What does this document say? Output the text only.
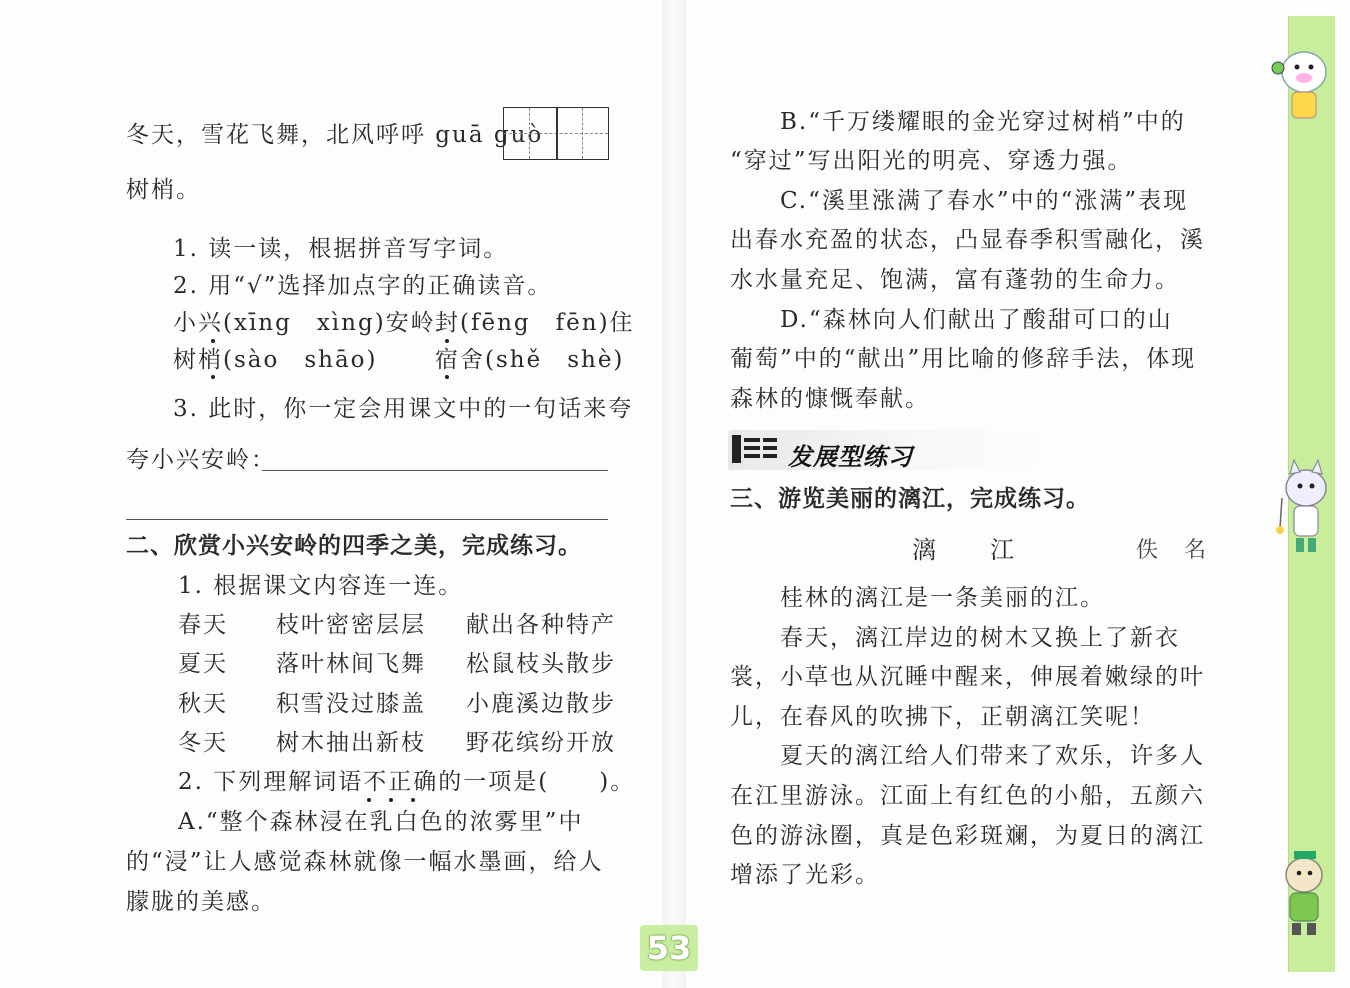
冬天，雪花飞舞，北风呼呼 guā guò
树梢。
1. 读一读，根据拼音写字词。
2. 用“√”选择加点字的正确读音。
小兴(xīng　xìng)安岭 封(fēng　fēn)住
树梢(sào　shāo)	宿舍(shě　shè)
3. 此时，你一定会用课文中的一句话来夸
夸小兴安岭：
二、欣赏小兴安岭的四季之美，完成练习。
1. 根据课文内容连一连。
春天 枝叶密密层层 献出各种特产
夏天 落叶林间飞舞 松鼠枝头散步
秋天 积雪没过膝盖 小鹿溪边散步
冬天 树木抽出新枝 野花缤纷开放
2. 下列理解词语不正确的一项是(　　)。
A.“整个森林浸在乳白色的浓雾里”中
的“浸”让人感觉森林就像一幅水墨画，给人
朦胧的美感。
B.“千万缕耀眼的金光穿过树梢”中的
“穿过”写出阳光的明亮、穿透力强。
C.“溪里涨满了春水”中的“涨满”表现
出春水充盈的状态，凸显春季积雪融化，溪
水水量充足、饱满，富有蓬勃的生命力。
D.“森林向人们献出了酸甜可口的山
葡萄”中的“献出”用比喻的修辞手法，体现
森林的慷慨奉献。
发展型练习
三、游览美丽的漓江，完成练习。
漓　　江	佚　名
桂林的漓江是一条美丽的江。
春天，漓江岸边的树木又换上了新衣
裳，小草也从沉睡中醒来，伸展着嫩绿的叶
儿，在春风的吹拂下，正朝漓江笑呢！
夏天的漓江给人们带来了欢乐，许多人
在江里游泳。江面上有红色的小船，五颜六
色的游泳圈，真是色彩斑斓，为夏日的漓江
增添了光彩。
53
